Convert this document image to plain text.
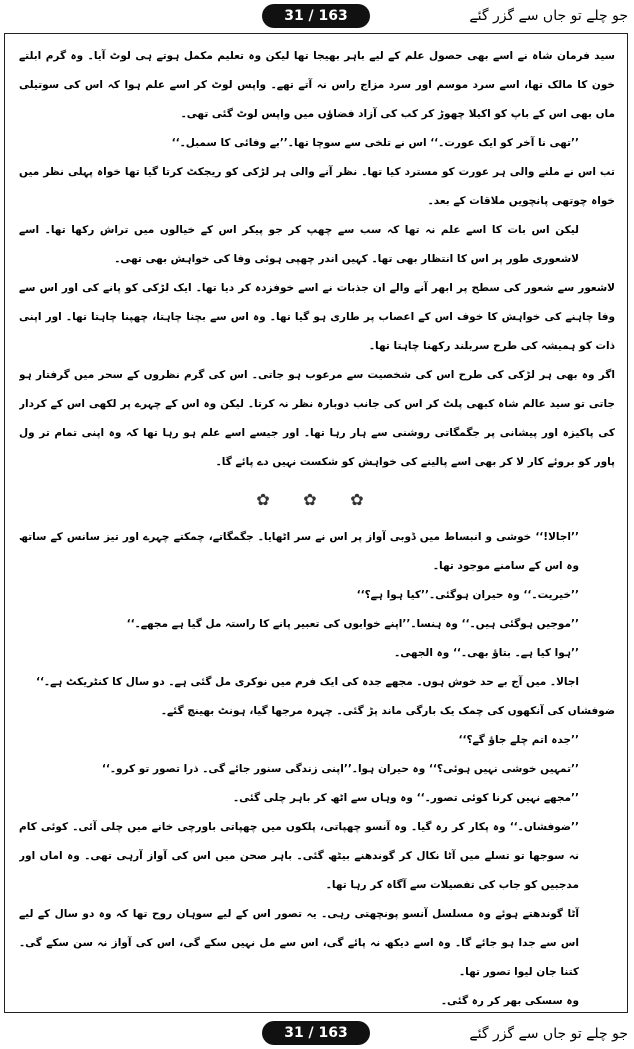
31 / 163	جو چلے تو جاں سے گزر گئے

سید فرمان شاہ نے اسے بھی حصول علم کے لیے باہر بھیجا تھا لیکن وہ تعلیم مکمل ہوتے ہی لوٹ آیا۔ وہ گرم ابلتے خون کا مالک تھا، اسے سرد موسم اور سرد مزاج راس نہ آتے تھے۔ واپس لوٹ کر اسے علم ہوا کہ اس کی سوتیلی ماں بھی اس کے باپ کو اکیلا چھوڑ کر کب کی آزاد فضاؤں میں واپس لوٹ گئی تھی۔

’’تھی نا آخر کو ایک عورت۔‘‘ اس نے تلخی سے سوچا تھا۔’’بے وفائی کا سمبل۔‘‘

تب اس نے ملنے والی ہر عورت کو مسترد کیا تھا۔ نظر آنے والی ہر لڑکی کو ریجکٹ کرتا گیا تھا خواہ پہلی نظر میں خواہ چوتھی پانچویں ملاقات کے بعد۔

لیکن اس بات کا اسے علم نہ تھا کہ سب سے چھپ کر جو پیکر اس کے خیالوں میں تراش رکھا تھا۔ اسے لاشعوری طور پر اس کا انتظار بھی تھا۔ کہیں اندر چھپی ہوئی وفا کی خواہش بھی تھی۔

لاشعور سے شعور کی سطح پر ابھر آنے والے ان جذبات نے اسے خوفزدہ کر دیا تھا۔ ایک لڑکی کو پانے کی اور اس سے وفا چاہنے کی خواہش کا خوف اس کے اعصاب پر طاری ہو گیا تھا۔ وہ اس سے بچنا چاہتا، چھپنا چاہتا تھا۔ اور اپنی ذات کو ہمیشہ کی طرح سربلند رکھنا چاہتا تھا۔

اگر وہ بھی ہر لڑکی کی طرح اس کی شخصیت سے مرعوب ہو جاتی۔ اس کی گرم نظروں کے سحر میں گرفتار ہو جاتی تو سید عالم شاہ کبھی پلٹ کر اس کی جانب دوبارہ نظر نہ کرتا۔ لیکن وہ اس کے چہرے پر لکھی اس کے کردار کی پاکیزہ اور پیشانی پر جگمگاتی روشنی سے ہار رہا تھا۔ اور جیسے اسے علم ہو رہا تھا کہ وہ اپنی تمام تر ول پاور کو بروئے کار لا کر بھی اسے پالینے کی خواہش کو شکست نہیں دے پائے گا۔

✿ ✿ ✿

’’اجالا!‘‘ خوشی و انبساط میں ڈوبی آواز پر اس نے سر اٹھایا۔ جگمگاتے، چمکتے چہرے اور تیز سانس کے ساتھ وہ اس کے سامنے موجود تھا۔

’’خیریت۔‘‘ وہ حیران ہوگئی۔’’کیا ہوا ہے؟‘‘

’’موجیں ہوگئی ہیں۔‘‘ وہ ہنسا۔’’اپنے خوابوں کی تعبیر پانے کا راستہ مل گیا ہے مجھے۔‘‘

’’ہوا کیا ہے۔ بتاؤ بھی۔‘‘ وہ الجھی۔

اجالا۔ میں آج بے حد خوش ہوں۔ مجھے جدہ کی ایک فرم میں نوکری مل گئی ہے۔ دو سال کا کنٹریکٹ ہے۔‘‘

ضوفشاں کی آنکھوں کی چمک یک بارگی ماند پڑ گئی۔ چہرہ مرجھا گیا، ہونٹ بھینچ گئے۔

’’جدہ اتم چلے جاؤ گے؟‘‘

’’تمہیں خوشی نہیں ہوئی؟‘‘ وہ حیران ہوا۔’’اپنی زندگی سنور جائے گی۔ ذرا تصور تو کرو۔‘‘

’’مجھے نہیں کرنا کوئی تصور۔‘‘ وہ وہاں سے اٹھ کر باہر چلی گئی۔

’’ضوفشاں۔‘‘ وہ پکار کر رہ گیا۔ وہ آنسو چھپاتی، پلکوں میں چھپاتی باورچی خانے میں چلی آئی۔ کوئی کام نہ سوجھا تو تسلے میں آٹا نکال کر گوندھنے بیٹھ گئی۔ باہر صحن میں اس کی آواز آرہی تھی۔ وہ اماں اور مدجبیں کو جاب کی تفصیلات سے آگاہ کر رہا تھا۔

آٹا گوندھتے ہوئے وہ مسلسل آنسو پونچھتی رہی۔ یہ تصور اس کے لیے سوہان روح تھا کہ وہ دو سال کے لیے اس سے جدا ہو جائے گا۔ وہ اسے دیکھ نہ پائے گی، اس سے مل نہیں سکے گی، اس کی آواز نہ سن سکے گی۔ کتنا جان لیوا تصور تھا۔

وہ سسکی بھر کر رہ گئی۔

31 / 163	جو چلے تو جاں سے گزر گئے
